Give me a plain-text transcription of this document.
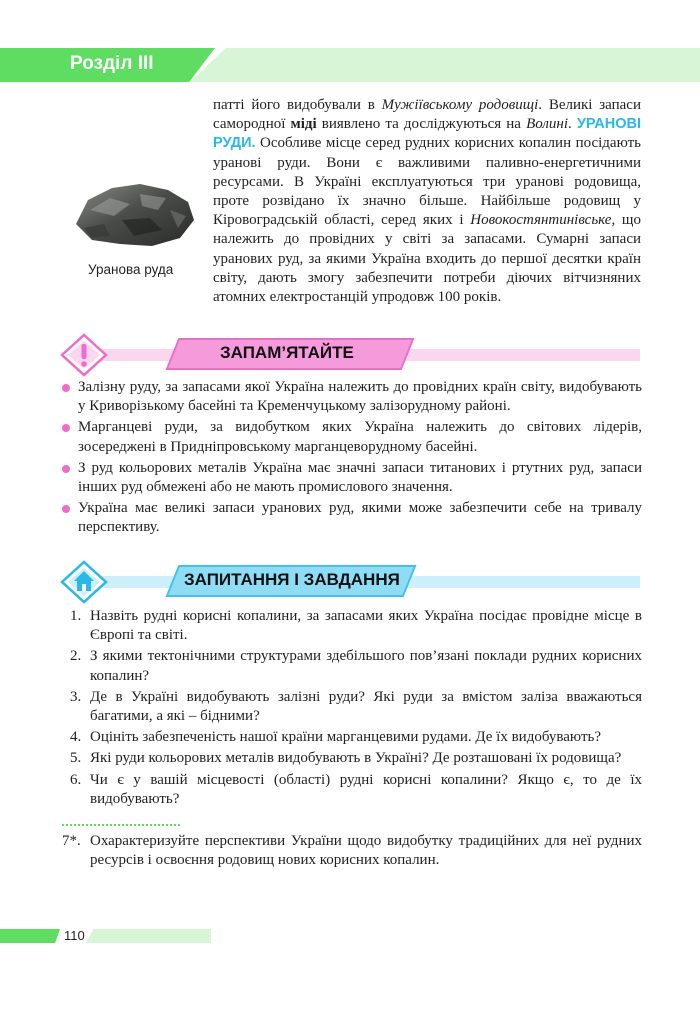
Розділ ІІІ
Уранова руда
патті його видобували в Мужіївському родовищі. Великі запаси самородної міді виявлено та досліджуються на Волині. УРАНОВІ РУДИ. Особливе місце серед рудних корисних копалин посідають уранові руди. Вони є важливими паливно-енергетичними ресурсами. В Україні експлуатуються три уранові родовища, проте розвідано їх значно більше. Найбільше родовищ у Кіровоградській області, серед яких і Новокостянтинівське, що належить до провідних у світі за запасами. Сумарні запаси уранових руд, за якими Україна входить до першої десятки країн світу, дають змогу забезпечити потреби діючих вітчизняних атомних електростанцій упродовж 100 років.
ЗАПАМ’ЯТАЙТЕ
Залізну руду, за запасами якої Україна належить до провідних країн світу, видобувають у Криворізькому басейні та Кременчуцькому залізорудному районі.
Марганцеві руди, за видобутком яких Україна належить до світових лідерів, зосереджені в Придніпровському марганцеворудному басейні.
З руд кольорових металів Україна має значні запаси титанових і ртутних руд, запаси інших руд обмежені або не мають промислового значення.
Україна має великі запаси уранових руд, якими може забезпечити себе на тривалу перспективу.
ЗАПИТАННЯ І ЗАВДАННЯ
1. Назвіть рудні корисні копалини, за запасами яких Україна посідає провідне місце в Європі та світі.
2. З якими тектонічними структурами здебільшого пов’язані поклади рудних корисних копалин?
3. Де в Україні видобувають залізні руди? Які руди за вмістом заліза вважаються багатими, а які – бідними?
4. Оцініть забезпеченість нашої країни марганцевими рудами. Де їх видобувають?
5. Які руди кольорових металів видобувають в Україні? Де розташовані їх родовища?
6. Чи є у вашій місцевості (області) рудні корисні копалини? Якщо є, то де їх видобувають?
7*. Охарактеризуйте перспективи України щодо видобутку традиційних для неї рудних ресурсів і освоєння родовищ нових корисних копалин.
110
